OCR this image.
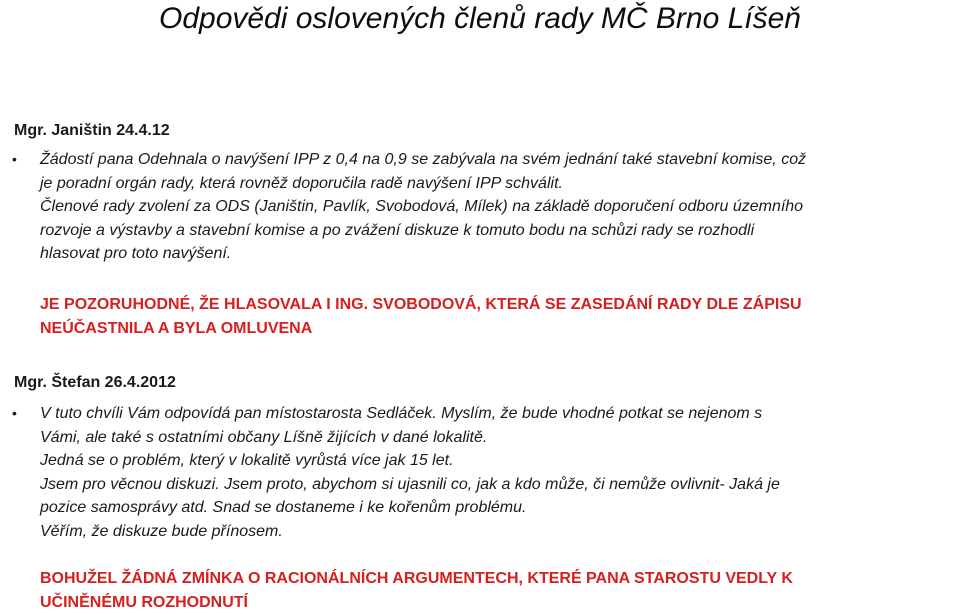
Odpovědi oslovených členů rady MČ Brno Líšeň

Mgr. Janištin 24.4.12

• Žádostí pana Odehnala o navýšení IPP z 0,4 na 0,9 se zabývala na svém jednání také stavební komise, což

je poradní orgán rady, která rovněž doporučila radě navýšení IPP schválit.

Členové rady zvolení za ODS (Janištin, Pavlík, Svobodová, Mílek) na základě doporučení odboru územního

rozvoje a výstavby a stavební komise a po zvážení diskuze k tomuto bodu na schůzi rady se rozhodli

hlasovat pro toto navýšení.

JE POZORUHODNÉ, ŽE HLASOVALA I ING. SVOBODOVÁ, KTERÁ SE ZASEDÁNÍ RADY DLE ZÁPISU
NEÚČASTNILA A BYLA OMLUVENA

Mgr. Štefan 26.4.2012

• V tuto chvíli Vám odpovídá pan místostarosta Sedláček. Myslím, že bude vhodné potkat se nejenom s

Vámi, ale také s ostatními občany Líšně žijících v dané lokalitě.

Jedná se o problém, který v lokalitě vyrůstá více jak 15 let.

Jsem pro věcnou diskuzi. Jsem proto, abychom si ujasnili co, jak a kdo může, či nemůže ovlivnit- Jaká je

pozice samosprávy atd. Snad se dostaneme i ke kořenům problému.

Věřím, že diskuze bude přínosem.

BOHUŽEL ŽÁDNÁ ZMÍNKA O RACIONÁLNÍCH ARGUMENTECH, KTERÉ PANA STAROSTU VEDLY K
UČINĚNÉMU ROZHODNUTÍ
